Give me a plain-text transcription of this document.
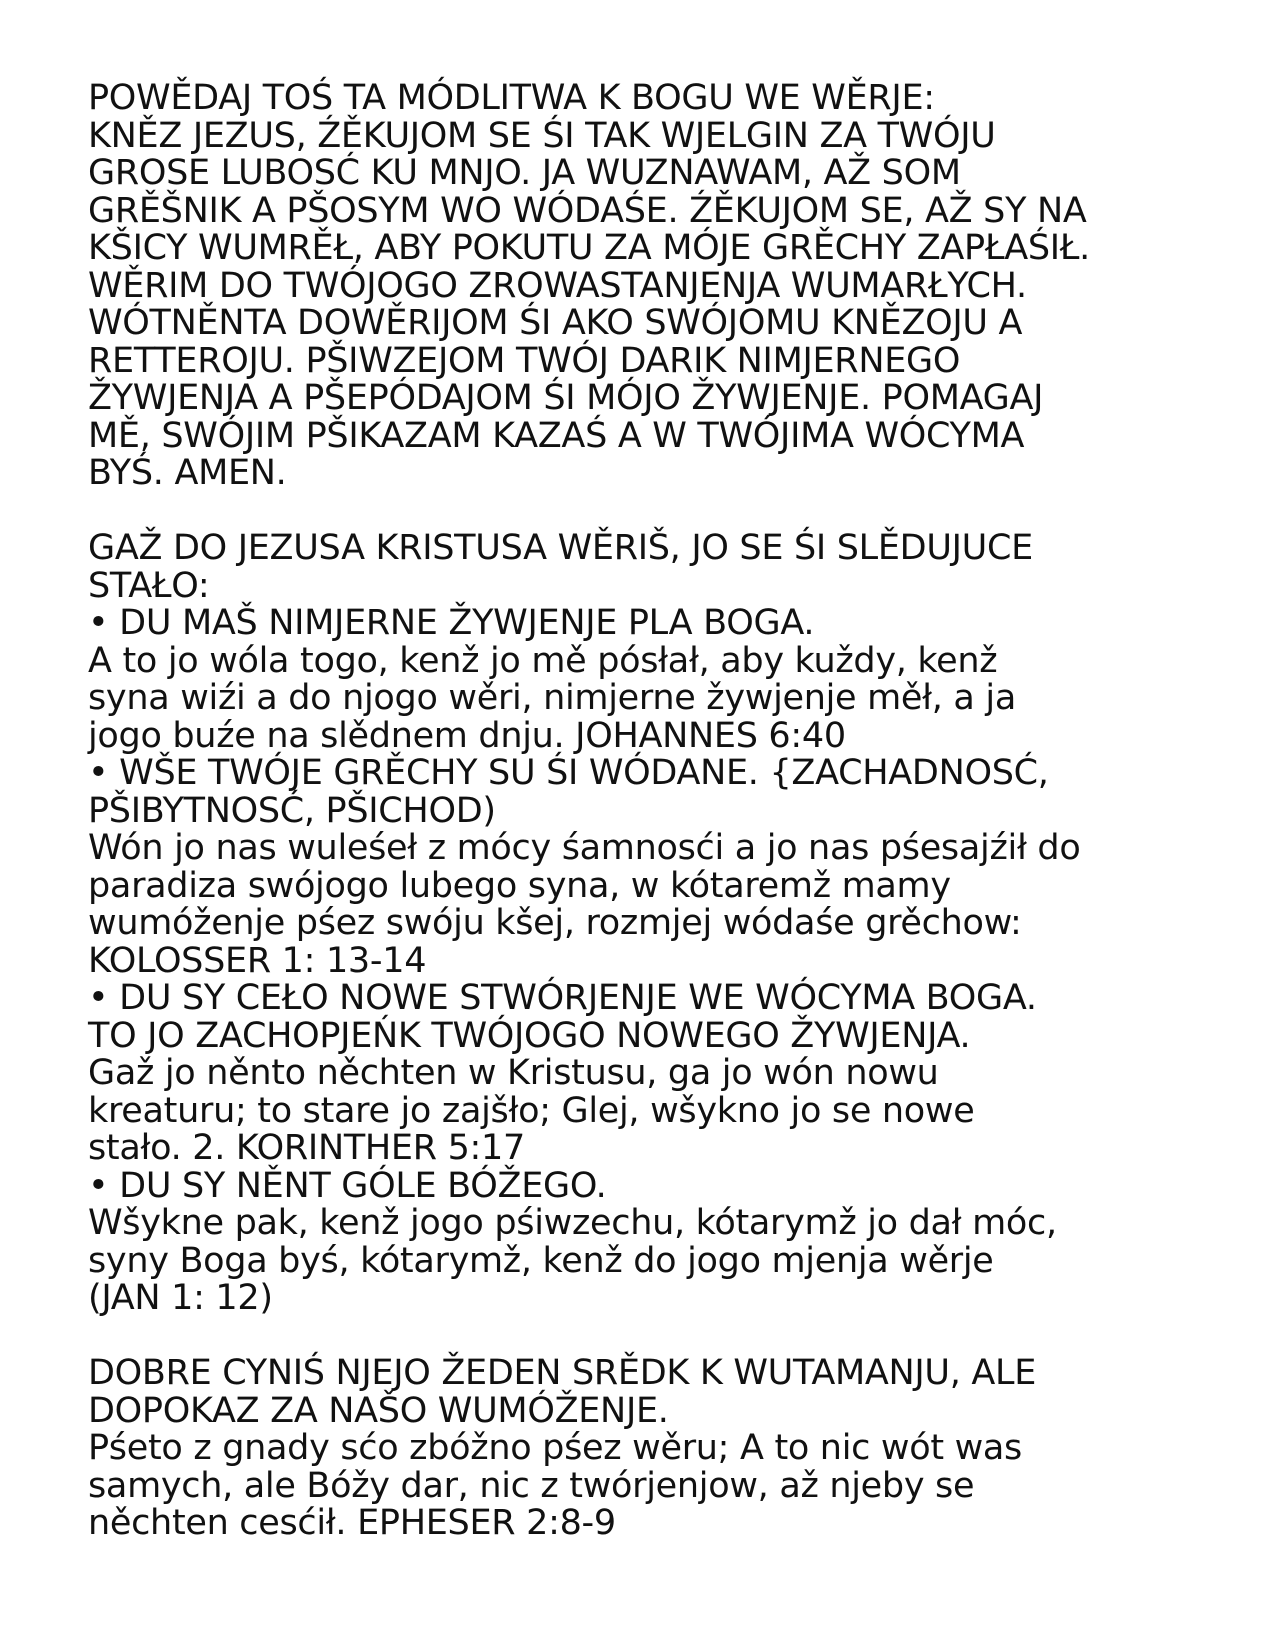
POWĚDAJ TOŚ TA MÓDLITWA K BOGU WE WĚRJE:
KNĚZ JEZUS, ŹĚKUJOM SE ŚI TAK WJELGIN ZA TWÓJU
GROSE LUBOSĆ KU MNJO. JA WUZNAWAM, AŽ SOM
GRĚŠNIK A PŠOSYM WO WÓDAŚE. ŹĚKUJOM SE, AŽ SY NA
KŠICY WUMRĚŁ, ABY POKUTU ZA MÓJE GRĚCHY ZAPŁAŚIŁ.
WĚRIM DO TWÓJOGO ZROWASTANJENJA WUMARŁYCH.
WÓTNĚNTA DOWĚRIJOM ŚI AKO SWÓJOMU KNĚZOJU A
RETTEROJU. PŠIWZEJOM TWÓJ DARIK NIMJERNEGO
ŽYWJENJA A PŠEPÓDAJOM ŚI MÓJO ŽYWJENJE. POMAGAJ
MĚ, SWÓJIM PŠIKAZAM KAZAŚ A W TWÓJIMA WÓCYMA
BYŚ. AMEN.
GAŽ DO JEZUSA KRISTUSA WĚRIŠ, JO SE ŚI SLĚDUJUCE
STAŁO:
• DU MAŠ NIMJERNE ŽYWJENJE PLA BOGA.
A to jo wóla togo, kenž jo mě pósłał, aby kuždy, kenž
syna wiźi a do njogo wěri, nimjerne žywjenje měł, a ja
jogo buźe na slědnem dnju. JOHANNES 6:40
• WŠE TWÓJE GRĚCHY SU ŚI WÓDANE. {ZACHADNOSĆ,
PŠIBYTNOSĆ, PŠICHOD)
Wón jo nas wuleśeł z mócy śamnosći a jo nas pśesajźił do
paradiza swójogo lubego syna, w kótaremž mamy
wumóženje pśez swóju kšej, rozmjej wódaśe grěchow:
KOLOSSER 1: 13-14
• DU SY CEŁO NOWE STWÓRJENJE WE WÓCYMA BOGA.
TO JO ZACHOPJEŃK TWÓJOGO NOWEGO ŽYWJENJA.
Gaž jo něnto něchten w Kristusu, ga jo wón nowu
kreaturu; to stare jo zajšło; Glej, wšykno jo se nowe
stało. 2. KORINTHER 5:17
• DU SY NĚNT GÓLE BÓŽEGO.
Wšykne pak, kenž jogo pśiwzechu, kótarymž jo dał móc,
syny Boga byś, kótarymž, kenž do jogo mjenja wěrje
(JAN 1: 12)
DOBRE CYNIŚ NJEJO ŽEDEN SRĚDK K WUTAMANJU, ALE
DOPOKAZ ZA NAŠO WUMÓŽENJE.
Pśeto z gnady sćo zbóžno pśez wěru; A to nic wót was
samych, ale Bóžy dar, nic z twórjenjow, až njeby se
něchten cesćił. EPHESER 2:8-9
